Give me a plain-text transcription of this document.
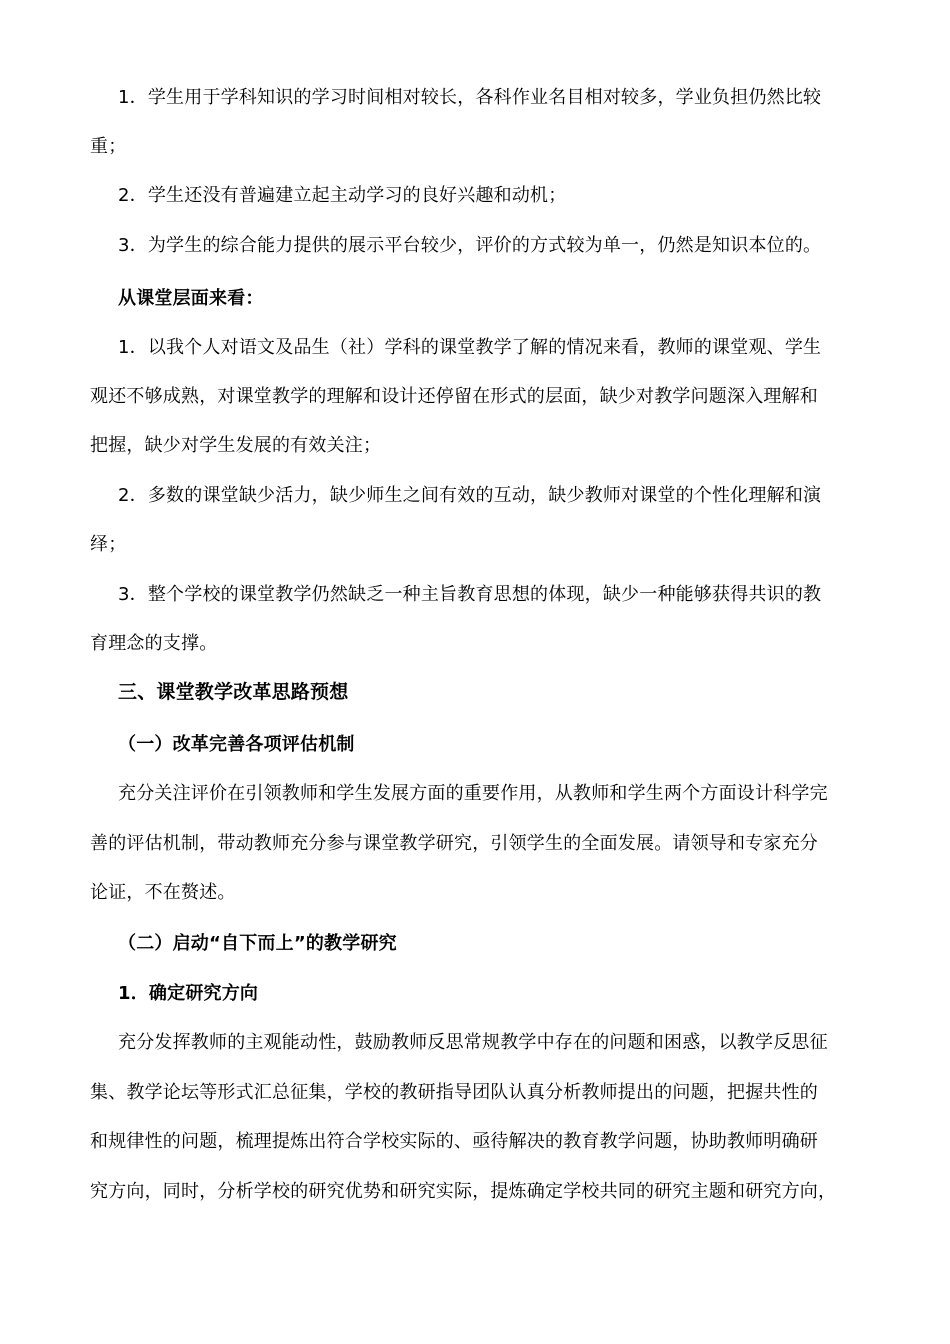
1．学生用于学科知识的学习时间相对较长，各科作业名目相对较多，学业负担仍然比较
重；
2．学生还没有普遍建立起主动学习的良好兴趣和动机；
3．为学生的综合能力提供的展示平台较少，评价的方式较为单一，仍然是知识本位的。
从课堂层面来看：
1．以我个人对语文及品生（社）学科的课堂教学了解的情况来看，教师的课堂观、学生
观还不够成熟，对课堂教学的理解和设计还停留在形式的层面，缺少对教学问题深入理解和
把握，缺少对学生发展的有效关注；
2．多数的课堂缺少活力，缺少师生之间有效的互动，缺少教师对课堂的个性化理解和演
绎；
3．整个学校的课堂教学仍然缺乏一种主旨教育思想的体现，缺少一种能够获得共识的教
育理念的支撑。
三、课堂教学改革思路预想
（一）改革完善各项评估机制
充分关注评价在引领教师和学生发展方面的重要作用，从教师和学生两个方面设计科学完
善的评估机制，带动教师充分参与课堂教学研究，引领学生的全面发展。请领导和专家充分
论证，不在赘述。
（二）启动“自下而上”的教学研究
1．确定研究方向
充分发挥教师的主观能动性，鼓励教师反思常规教学中存在的问题和困惑，以教学反思征
集、教学论坛等形式汇总征集，学校的教研指导团队认真分析教师提出的问题，把握共性的
和规律性的问题，梳理提炼出符合学校实际的、亟待解决的教育教学问题，协助教师明确研
究方向，同时，分析学校的研究优势和研究实际，提炼确定学校共同的研究主题和研究方向，
